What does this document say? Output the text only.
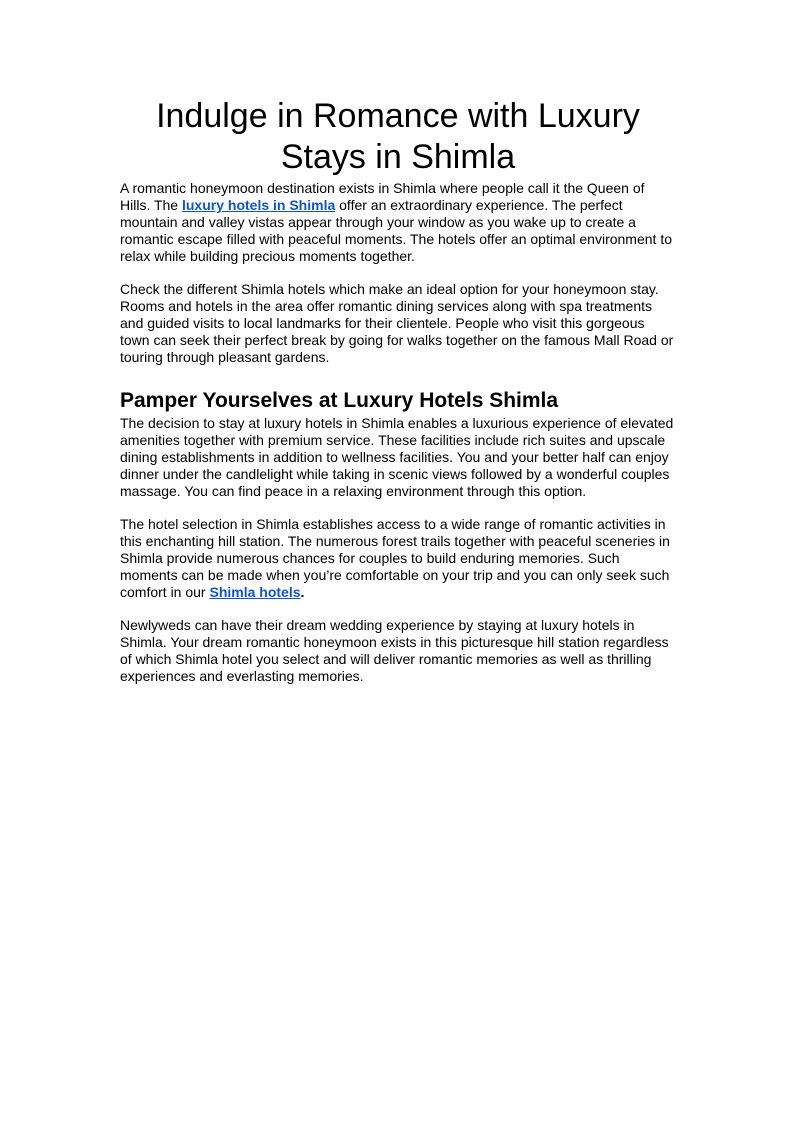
Indulge in Romance with Luxury
Stays in Shimla

A romantic honeymoon destination exists in Shimla where people call it the Queen of Hills. The luxury hotels in Shimla offer an extraordinary experience. The perfect mountain and valley vistas appear through your window as you wake up to create a romantic escape filled with peaceful moments. The hotels offer an optimal environment to relax while building precious moments together.

Check the different Shimla hotels which make an ideal option for your honeymoon stay. Rooms and hotels in the area offer romantic dining services along with spa treatments and guided visits to local landmarks for their clientele. People who visit this gorgeous town can seek their perfect break by going for walks together on the famous Mall Road or touring through pleasant gardens.

Pamper Yourselves at Luxury Hotels Shimla

The decision to stay at luxury hotels in Shimla enables a luxurious experience of elevated amenities together with premium service. These facilities include rich suites and upscale dining establishments in addition to wellness facilities. You and your better half can enjoy dinner under the candlelight while taking in scenic views followed by a wonderful couples massage. You can find peace in a relaxing environment through this option.

The hotel selection in Shimla establishes access to a wide range of romantic activities in this enchanting hill station. The numerous forest trails together with peaceful sceneries in Shimla provide numerous chances for couples to build enduring memories. Such moments can be made when you’re comfortable on your trip and you can only seek such comfort in our Shimla hotels.

Newlyweds can have their dream wedding experience by staying at luxury hotels in Shimla. Your dream romantic honeymoon exists in this picturesque hill station regardless of which Shimla hotel you select and will deliver romantic memories as well as thrilling experiences and everlasting memories.
